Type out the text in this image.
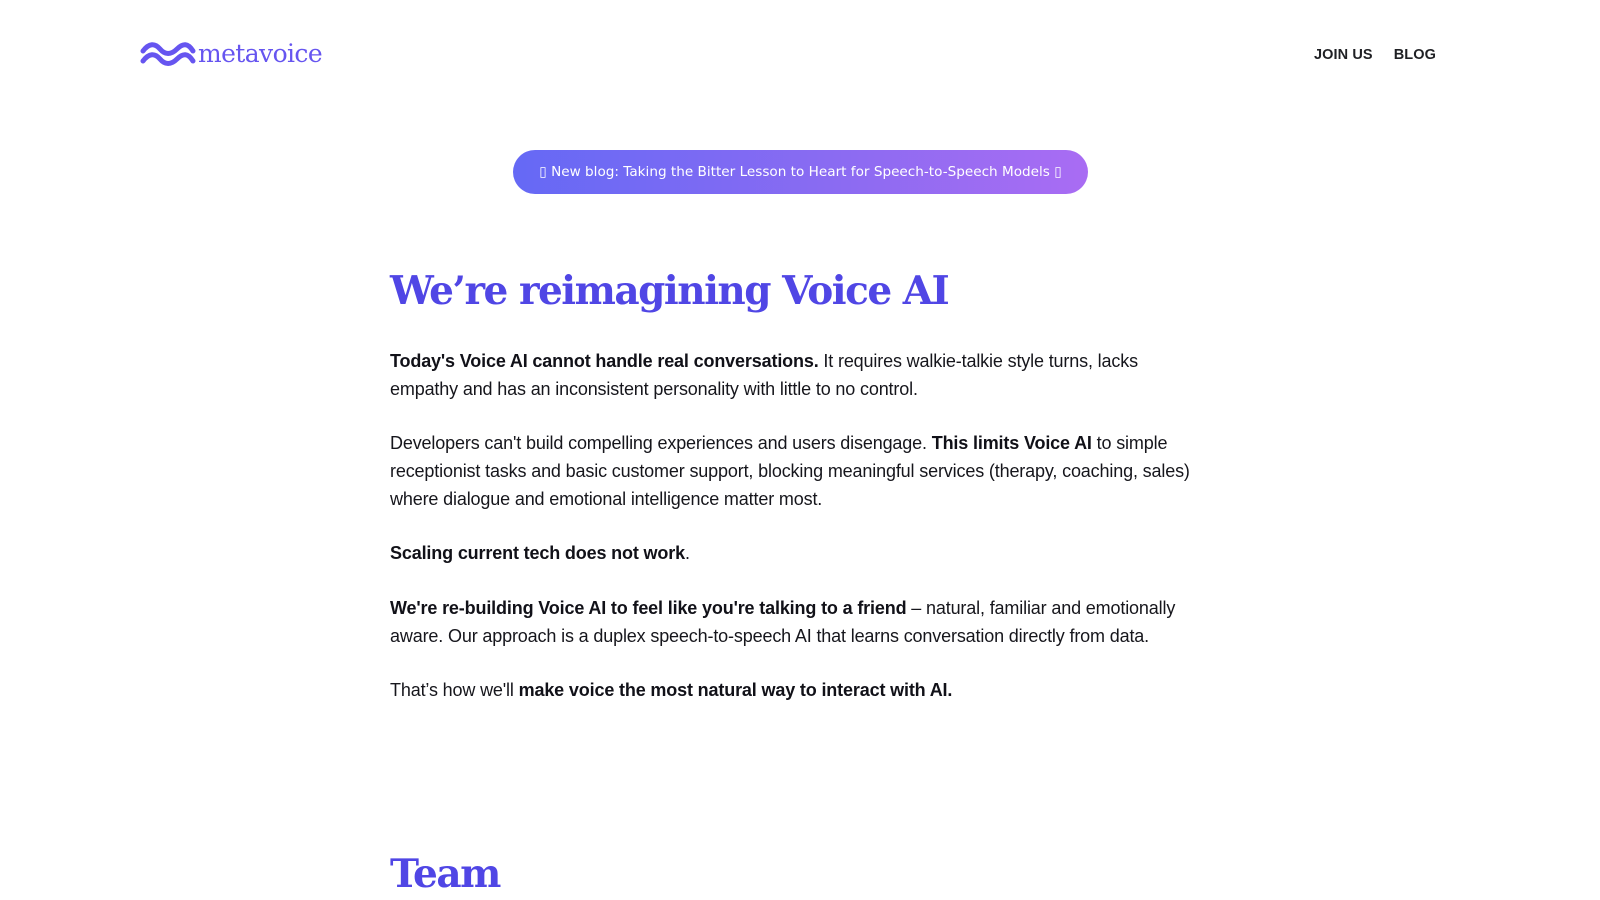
metavoice	JOIN US BLOG
▯ New blog: Taking the Bitter Lesson to Heart for Speech-to-Speech Models ▯
We’re reimagining Voice AI

Today's Voice AI cannot handle real conversations. It requires walkie-talkie style turns, lacks empathy and has an inconsistent personality with little to no control.

Developers can't build compelling experiences and users disengage. This limits Voice AI to simple receptionist tasks and basic customer support, blocking meaningful services (therapy, coaching, sales) where dialogue and emotional intelligence matter most.

Scaling current tech does not work.

We're re-building Voice AI to feel like you're talking to a friend – natural, familiar and emotionally aware. Our approach is a duplex speech-to-speech AI that learns conversation directly from data.

That’s how we'll make voice the most natural way to interact with AI.

Team
